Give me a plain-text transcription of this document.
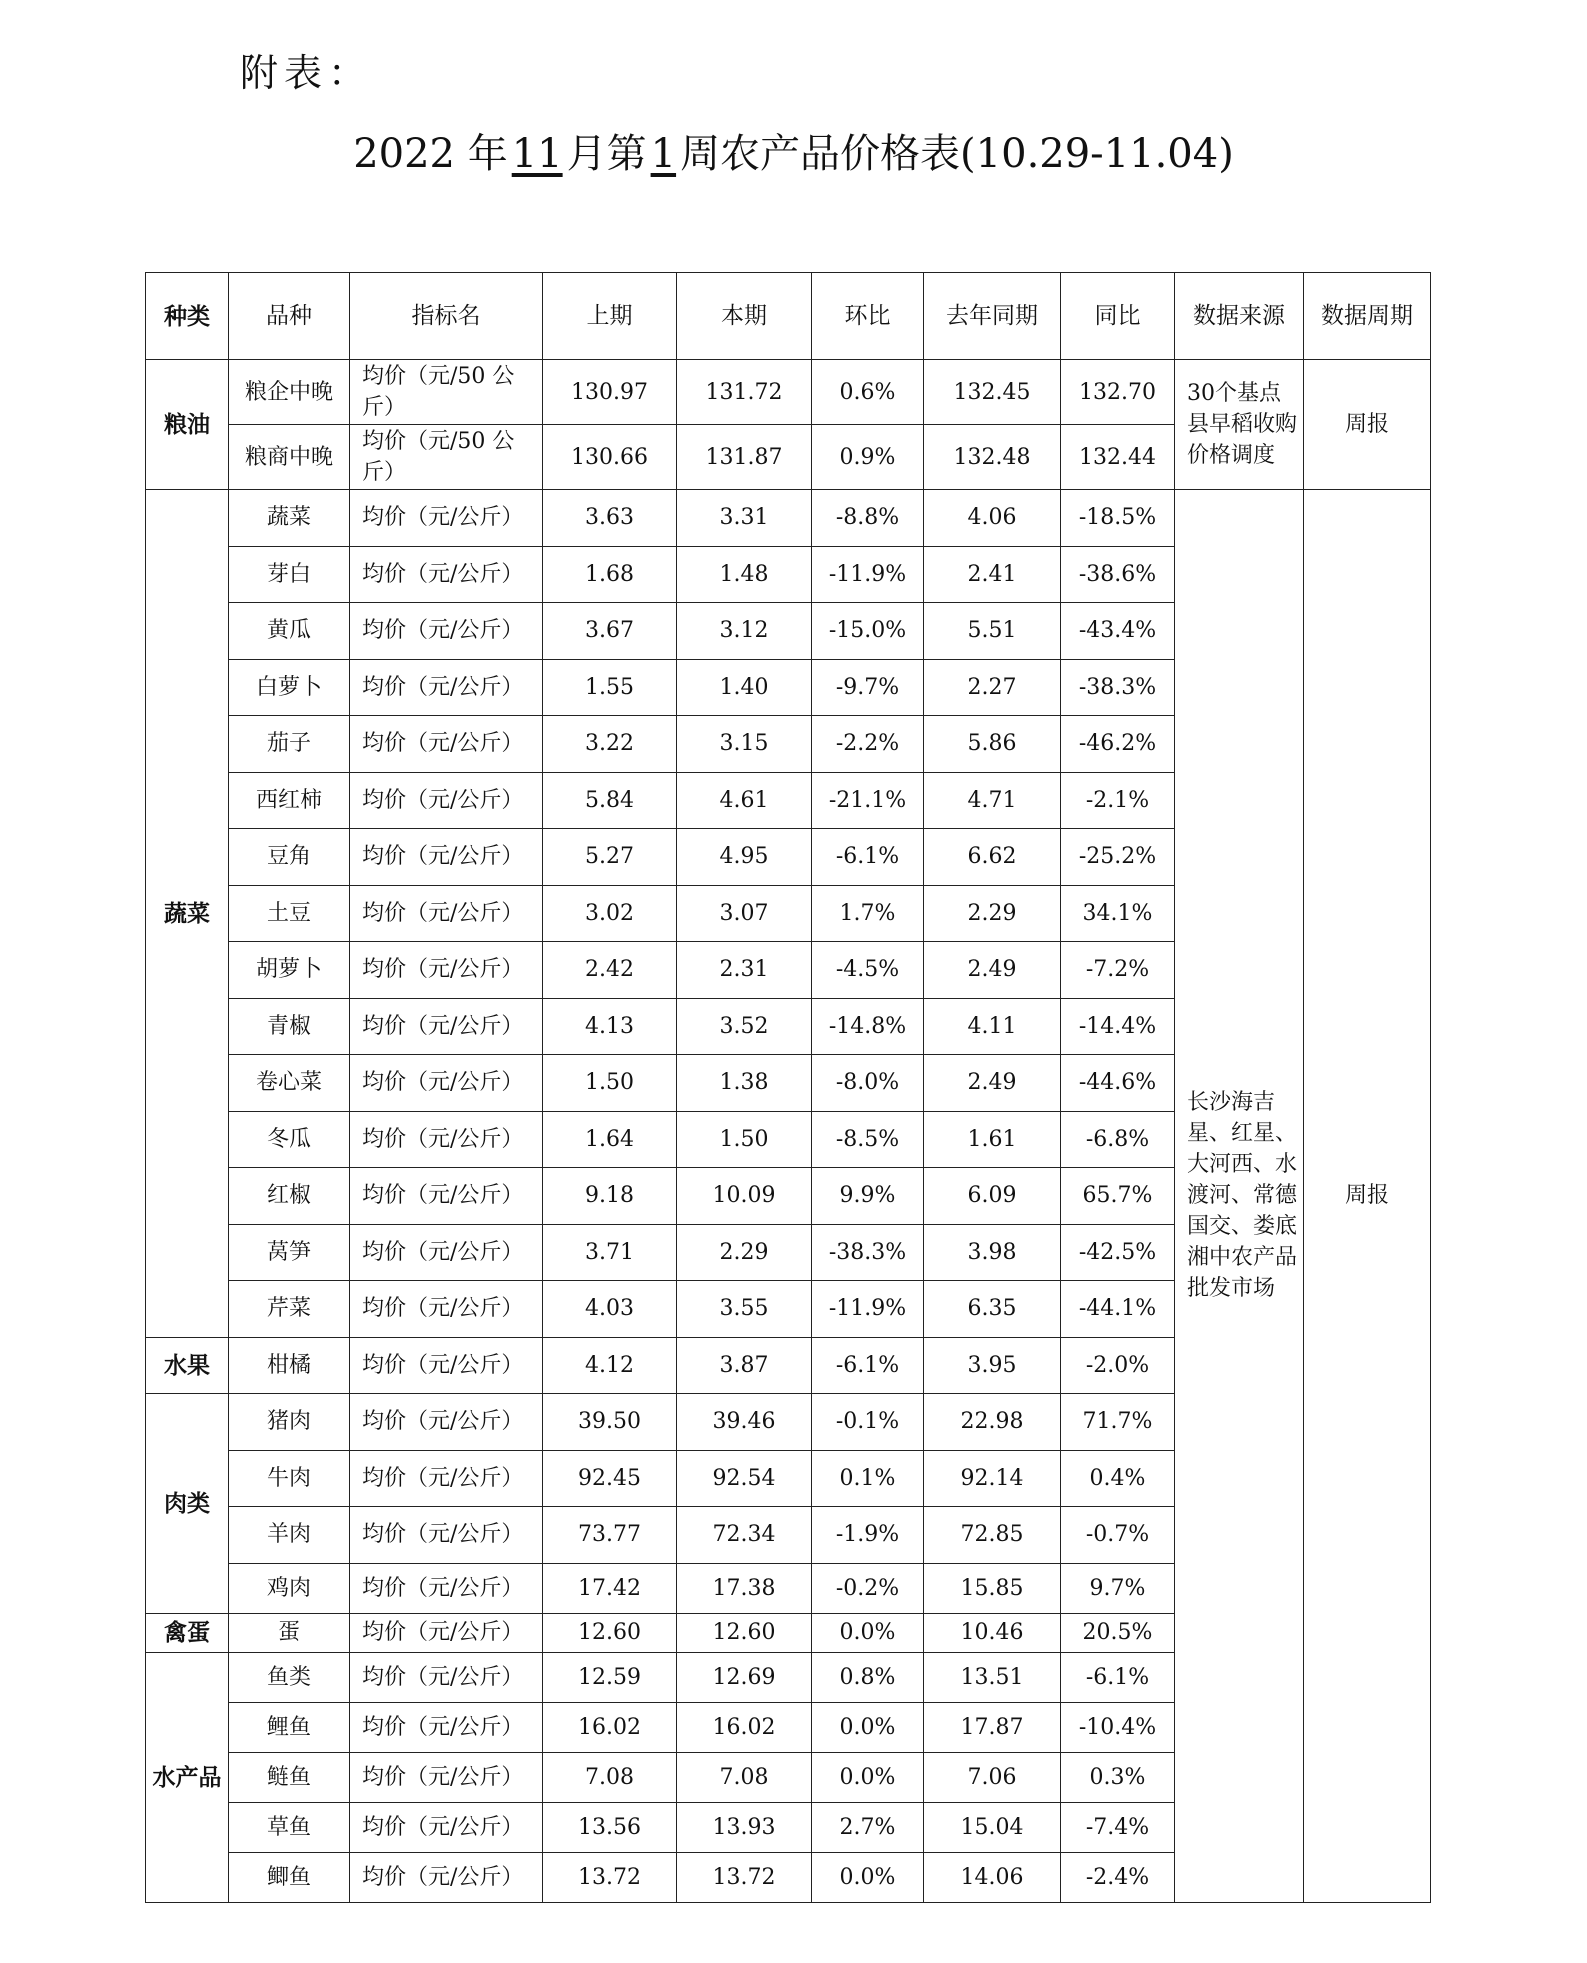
附表：
2022 年 11 月第 1 周农产品价格表(10.29-11.04)
种类	品种	指标名	上期	本期	环比	去年同期	同比	数据来源	数据周期
粮油	粮企中晚	均价（元/50 公斤）	130.97	131.72	0.6%	132.45	132.70	30个基点县早稻收购价格调度	周报
	粮商中晚	均价（元/50 公斤）	130.66	131.87	0.9%	132.48	132.44		
蔬菜	蔬菜	均价（元/公斤）	3.63	3.31	-8.8%	4.06	-18.5%	长沙海吉星、红星、大河西、水渡河、常德国交、娄底湘中农产品批发市场	周报
	芽白	均价（元/公斤）	1.68	1.48	-11.9%	2.41	-38.6%		
	黄瓜	均价（元/公斤）	3.67	3.12	-15.0%	5.51	-43.4%		
	白萝卜	均价（元/公斤）	1.55	1.40	-9.7%	2.27	-38.3%		
	茄子	均价（元/公斤）	3.22	3.15	-2.2%	5.86	-46.2%		
	西红柿	均价（元/公斤）	5.84	4.61	-21.1%	4.71	-2.1%		
	豆角	均价（元/公斤）	5.27	4.95	-6.1%	6.62	-25.2%		
	土豆	均价（元/公斤）	3.02	3.07	1.7%	2.29	34.1%		
	胡萝卜	均价（元/公斤）	2.42	2.31	-4.5%	2.49	-7.2%		
	青椒	均价（元/公斤）	4.13	3.52	-14.8%	4.11	-14.4%		
	卷心菜	均价（元/公斤）	1.50	1.38	-8.0%	2.49	-44.6%		
	冬瓜	均价（元/公斤）	1.64	1.50	-8.5%	1.61	-6.8%		
	红椒	均价（元/公斤）	9.18	10.09	9.9%	6.09	65.7%		
	莴笋	均价（元/公斤）	3.71	2.29	-38.3%	3.98	-42.5%		
	芹菜	均价（元/公斤）	4.03	3.55	-11.9%	6.35	-44.1%		
水果	柑橘	均价（元/公斤）	4.12	3.87	-6.1%	3.95	-2.0%		
肉类	猪肉	均价（元/公斤）	39.50	39.46	-0.1%	22.98	71.7%		
	牛肉	均价（元/公斤）	92.45	92.54	0.1%	92.14	0.4%		
	羊肉	均价（元/公斤）	73.77	72.34	-1.9%	72.85	-0.7%		
	鸡肉	均价（元/公斤）	17.42	17.38	-0.2%	15.85	9.7%		
禽蛋	蛋	均价（元/公斤）	12.60	12.60	0.0%	10.46	20.5%		
水产品	鱼类	均价（元/公斤）	12.59	12.69	0.8%	13.51	-6.1%		
	鲤鱼	均价（元/公斤）	16.02	16.02	0.0%	17.87	-10.4%		
	鲢鱼	均价（元/公斤）	7.08	7.08	0.0%	7.06	0.3%		
	草鱼	均价（元/公斤）	13.56	13.93	2.7%	15.04	-7.4%		
	鲫鱼	均价（元/公斤）	13.72	13.72	0.0%	14.06	-2.4%		
